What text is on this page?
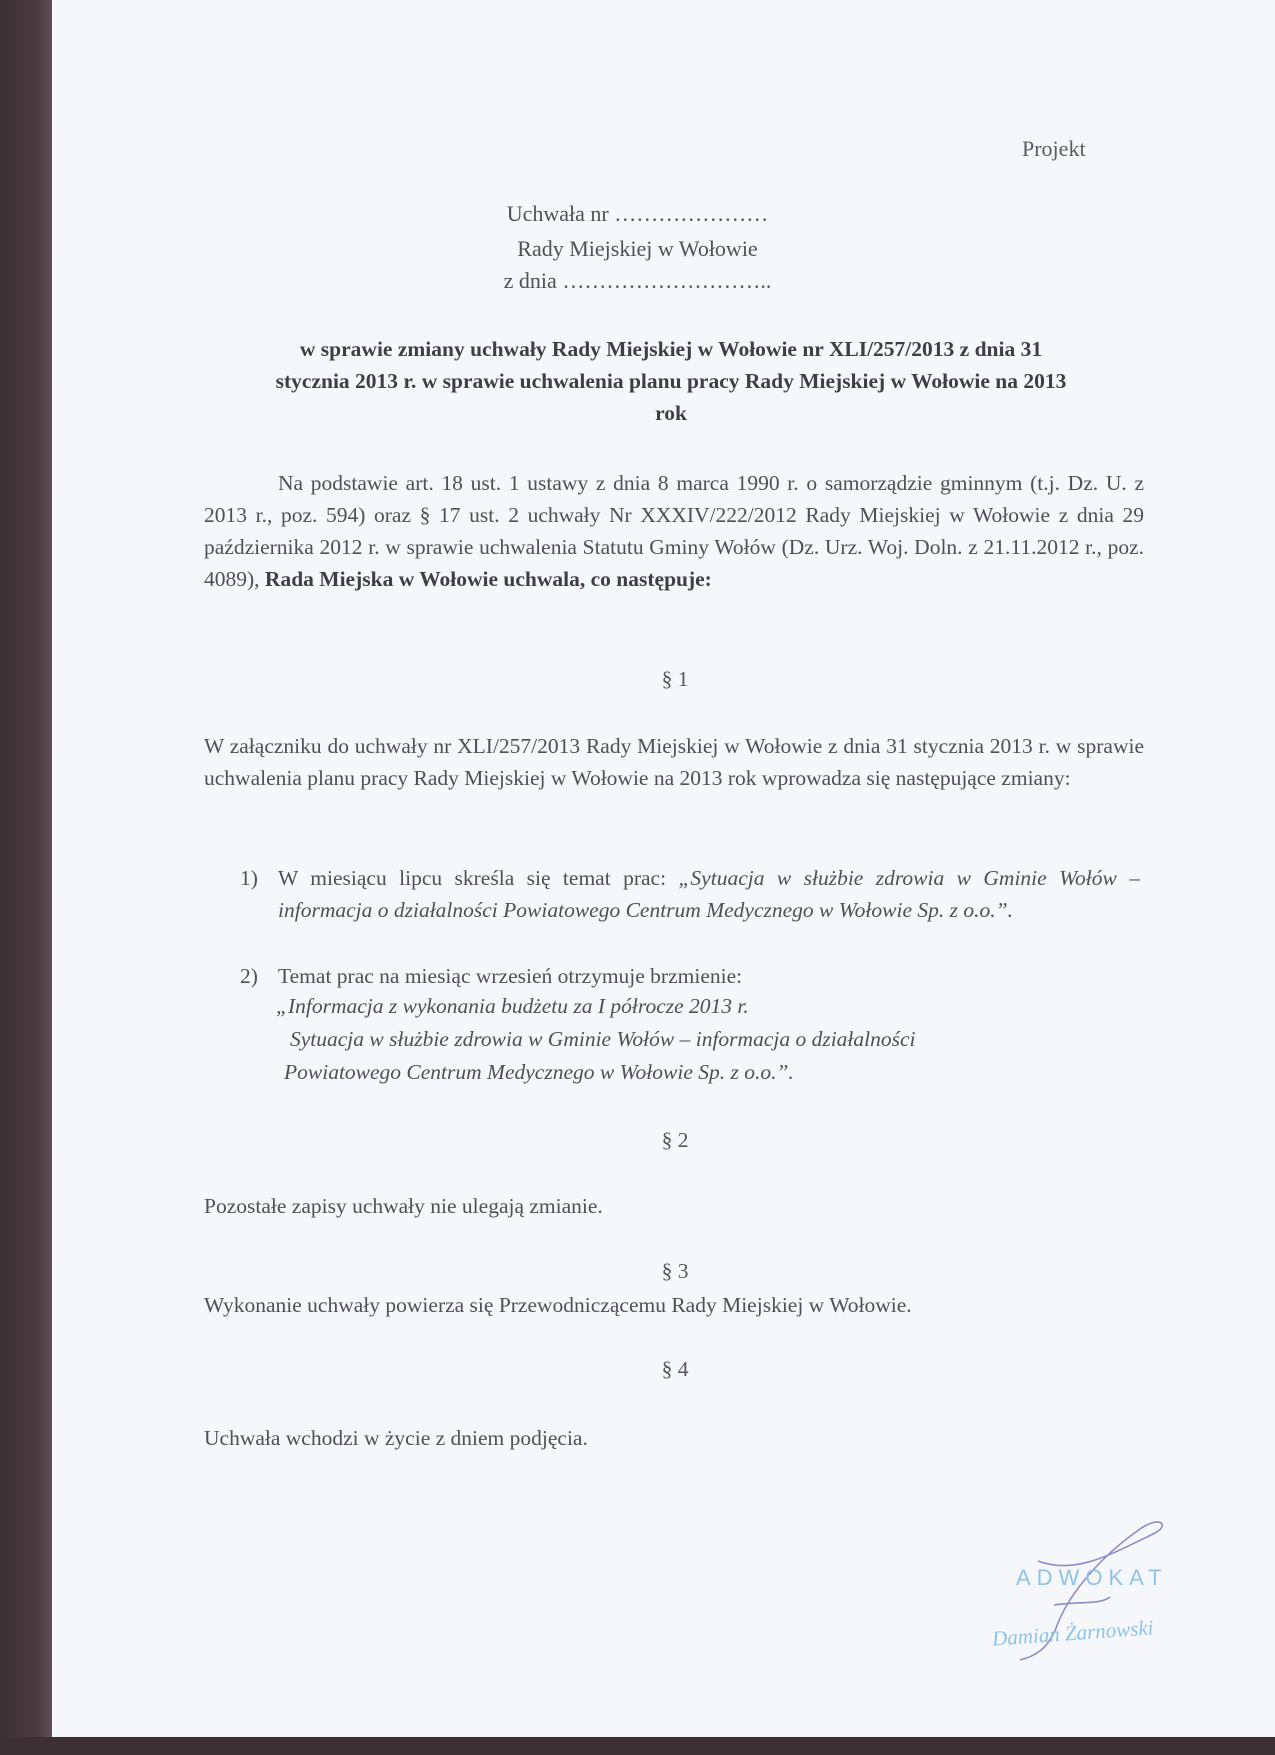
Projekt
Uchwała nr …………………
Rady Miejskiej w Wołowie
z dnia ………………………..
w sprawie zmiany uchwały Rady Miejskiej w Wołowie nr XLI/257/2013 z dnia 31
stycznia 2013 r. w sprawie uchwalenia planu pracy Rady Miejskiej w Wołowie na 2013
rok
Na podstawie art. 18 ust. 1 ustawy z dnia 8 marca 1990 r. o samorządzie gminnym (t.j. Dz. U. z 2013 r., poz. 594) oraz § 17 ust. 2 uchwały Nr XXXIV/222/2012 Rady Miejskiej w Wołowie z dnia 29 października 2012 r. w sprawie uchwalenia Statutu Gminy Wołów (Dz. Urz. Woj. Doln. z 21.11.2012 r., poz. 4089), Rada Miejska w Wołowie uchwala, co następuje:
§ 1
W załączniku do uchwały nr XLI/257/2013 Rady Miejskiej w Wołowie z dnia 31 stycznia 2013 r. w sprawie uchwalenia planu pracy Rady Miejskiej w Wołowie na 2013 rok wprowadza się następujące zmiany:
1) W miesiącu lipcu skreśla się temat prac: „Sytuacja w służbie zdrowia w Gminie Wołów – informacja o działalności Powiatowego Centrum Medycznego w Wołowie Sp. z o.o.”.
2) Temat prac na miesiąc wrzesień otrzymuje brzmienie:
„Informacja z wykonania budżetu za I półrocze 2013 r.
Sytuacja w służbie zdrowia w Gminie Wołów – informacja o działalności
Powiatowego Centrum Medycznego w Wołowie Sp. z o.o.”.
§ 2
Pozostałe zapisy uchwały nie ulegają zmianie.
§ 3
Wykonanie uchwały powierza się Przewodniczącemu Rady Miejskiej w Wołowie.
§ 4
Uchwała wchodzi w życie z dniem podjęcia.
ADWOKAT
Damian Żarnowski
